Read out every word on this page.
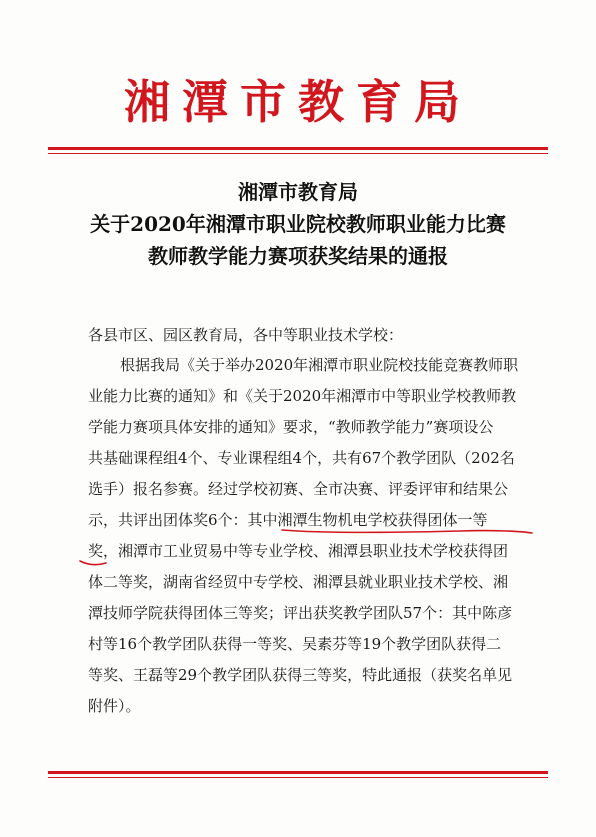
湘潭市教育局
湘潭市教育局
关于2020年湘潭市职业院校教师职业能力比赛
教师教学能力赛项获奖结果的通报
各县市区、园区教育局，各中等职业技术学校：
根据我局《关于举办2020年湘潭市职业院校技能竞赛教师职
业能力比赛的通知》和《关于2020年湘潭市中等职业学校教师教
学能力赛项具体安排的通知》要求，“教师教学能力”赛项设公
共基础课程组4个、专业课程组4个，共有67个教学团队（202名
选手）报名参赛。经过学校初赛、全市决赛、评委评审和结果公
示，共评出团体奖6个：其中湘潭生物机电学校获得团体一等
奖，湘潭市工业贸易中等专业学校、湘潭县职业技术学校获得团
体二等奖，湖南省经贸中专学校、湘潭县就业职业技术学校、湘
潭技师学院获得团体三等奖；评出获奖教学团队57个：其中陈彦
村等16个教学团队获得一等奖、吴素芬等19个教学团队获得二
等奖、王磊等29个教学团队获得三等奖，特此通报（获奖名单见
附件）。
